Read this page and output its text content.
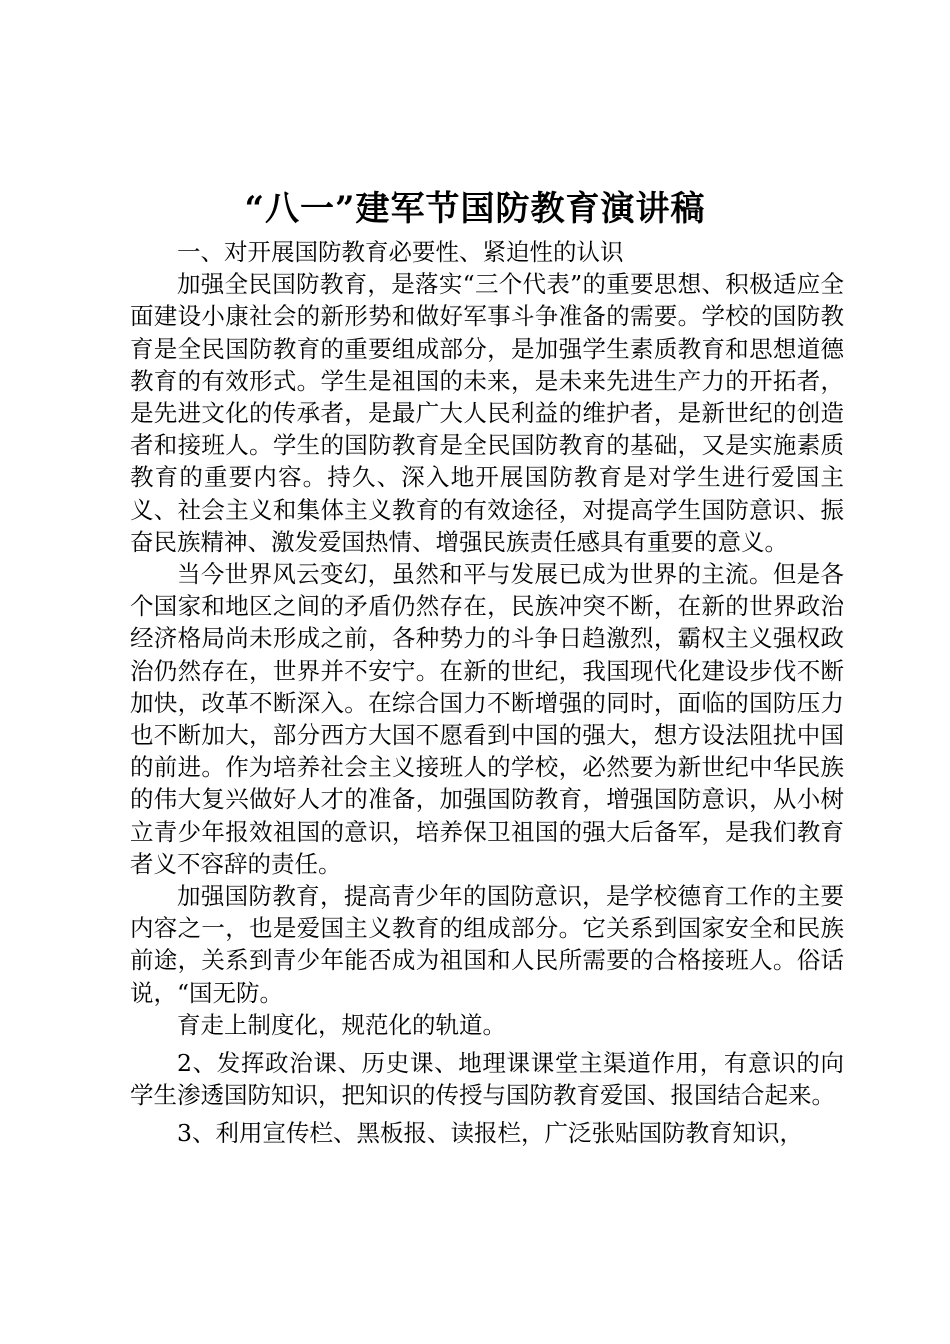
“八一”建军节国防教育演讲稿

一、对开展国防教育必要性、紧迫性的认识

加强全民国防教育，是落实“三个代表”的重要思想、积极适应全面建设小康社会的新形势和做好军事斗争准备的需要。学校的国防教育是全民国防教育的重要组成部分，是加强学生素质教育和思想道德教育的有效形式。学生是祖国的未来，是未来先进生产力的开拓者，是先进文化的传承者，是最广大人民利益的维护者，是新世纪的创造者和接班人。学生的国防教育是全民国防教育的基础，又是实施素质教育的重要内容。持久、深入地开展国防教育是对学生进行爱国主义、社会主义和集体主义教育的有效途径，对提高学生国防意识、振奋民族精神、激发爱国热情、增强民族责任感具有重要的意义。

当今世界风云变幻，虽然和平与发展已成为世界的主流。但是各个国家和地区之间的矛盾仍然存在，民族冲突不断，在新的世界政治经济格局尚未形成之前，各种势力的斗争日趋激烈，霸权主义强权政治仍然存在，世界并不安宁。在新的世纪，我国现代化建设步伐不断加快，改革不断深入。在综合国力不断增强的同时，面临的国防压力也不断加大，部分西方大国不愿看到中国的强大，想方设法阻扰中国的前进。作为培养社会主义接班人的学校，必然要为新世纪中华民族的伟大复兴做好人才的准备，加强国防教育，增强国防意识，从小树立青少年报效祖国的意识，培养保卫祖国的强大后备军，是我们教育者义不容辞的责任。

加强国防教育，提高青少年的国防意识，是学校德育工作的主要内容之一，也是爱国主义教育的组成部分。它关系到国家安全和民族前途，关系到青少年能否成为祖国和人民所需要的合格接班人。俗话说，“国无防。

育走上制度化，规范化的轨道。

2、发挥政治课、历史课、地理课课堂主渠道作用，有意识的向学生渗透国防知识，把知识的传授与国防教育爱国、报国结合起来。

3、利用宣传栏、黑板报、读报栏，广泛张贴国防教育知识，
